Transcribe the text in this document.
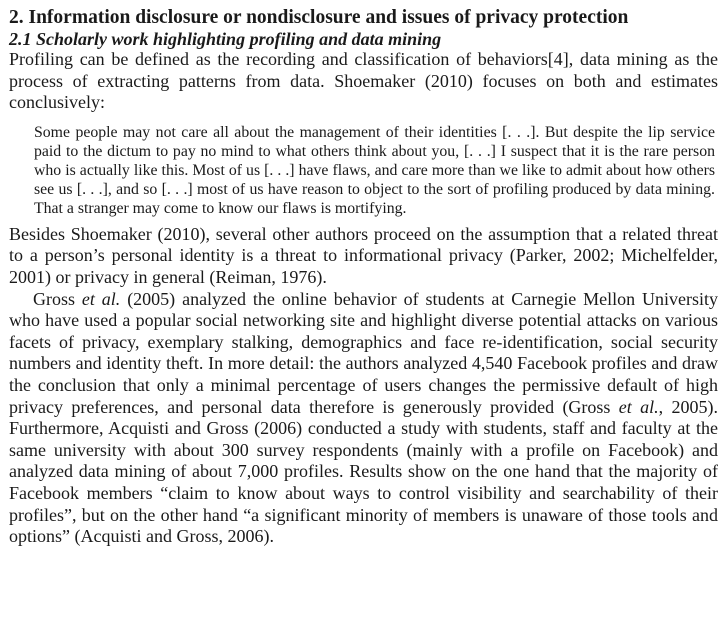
2. Information disclosure or nondisclosure and issues of privacy protection
2.1 Scholarly work highlighting profiling and data mining

Profiling can be defined as the recording and classification of behaviors[4], data mining as the process of extracting patterns from data. Shoemaker (2010) focuses on both and estimates conclusively:

Some people may not care all about the management of their identities [. . .]. But despite the lip service paid to the dictum to pay no mind to what others think about you, [. . .] I suspect that it is the rare person who is actually like this. Most of us [. . .] have flaws, and care more than we like to admit about how others see us [. . .], and so [. . .] most of us have reason to object to the sort of profiling produced by data mining. That a stranger may come to know our flaws is mortifying.

Besides Shoemaker (2010), several other authors proceed on the assumption that a related threat to a person’s personal identity is a threat to informational privacy (Parker, 2002; Michelfelder, 2001) or privacy in general (Reiman, 1976).

Gross et al. (2005) analyzed the online behavior of students at Carnegie Mellon University who have used a popular social networking site and highlight diverse potential attacks on various facets of privacy, exemplary stalking, demographics and face re-identification, social security numbers and identity theft. In more detail: the authors analyzed 4,540 Facebook profiles and draw the conclusion that only a minimal percentage of users changes the permissive default of high privacy preferences, and personal data therefore is generously provided (Gross et al., 2005). Furthermore, Acquisti and Gross (2006) conducted a study with students, staff and faculty at the same university with about 300 survey respondents (mainly with a profile on Facebook) and analyzed data mining of about 7,000 profiles. Results show on the one hand that the majority of Facebook members “claim to know about ways to control visibility and searchability of their profiles”, but on the other hand “a significant minority of members is unaware of those tools and options” (Acquisti and Gross, 2006).
